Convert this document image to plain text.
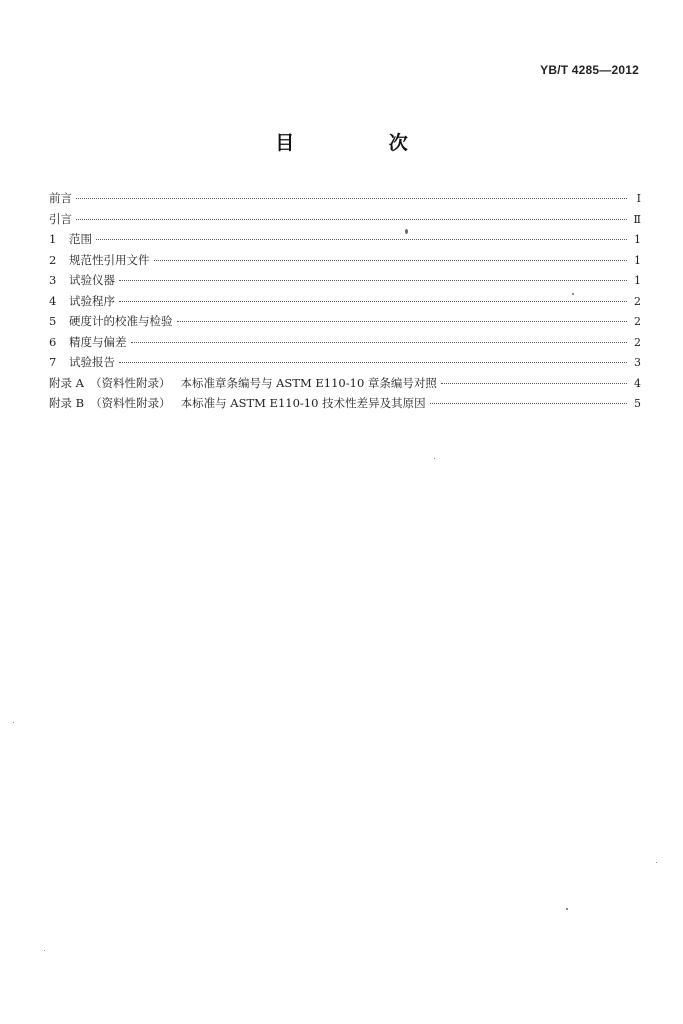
YB/T 4285—2012
目 次
前言	Ⅰ
引言	Ⅱ
1	范围	1
2	规范性引用文件	1
3	试验仪器	1
4	试验程序	2
5	硬度计的校准与检验	2
6	精度与偏差	2
7	试验报告	3
附录 A （资料性附录） 本标准章条编号与 ASTM E110-10 章条编号对照	4
附录 B （资料性附录） 本标准与 ASTM E110-10 技术性差异及其原因	5
